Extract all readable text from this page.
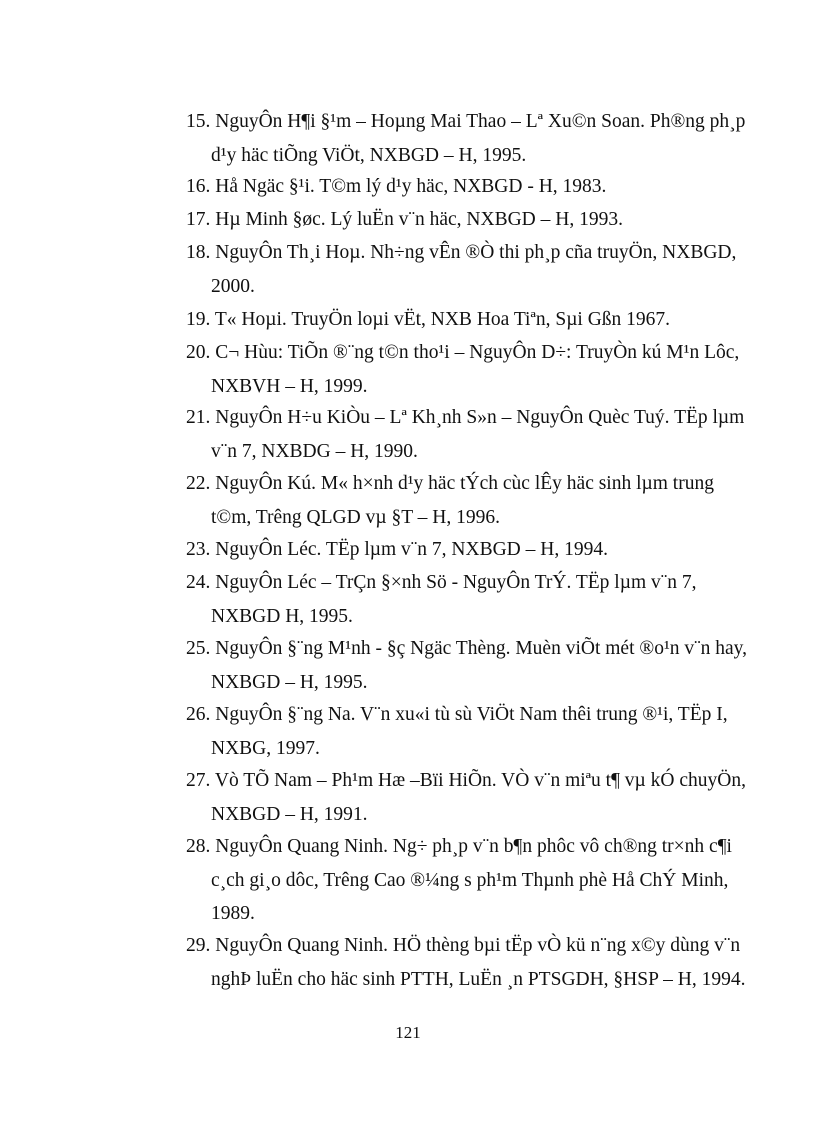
15. NguyÔn H¶i §¹m – Hoµng Mai Thao – Lª Xu©n Soan. Ph®ng ph¸p
d¹y häc tiÕng ViÖt, NXBGD – H, 1995.
16. Hå Ngäc §¹i. T©m lý d¹y häc, NXBGD - H, 1983.
17. Hµ Minh §øc. Lý luËn v¨n häc, NXBGD – H, 1993.
18. NguyÔn Th¸i Hoµ. Nh÷ng vÊn ®Ò thi ph¸p cña truyÖn, NXBGD,
2000.
19. T« Hoµi. TruyÖn loµi vËt, NXB Hoa Tiªn, Sµi Gßn 1967.
20. C¬ Hùu: TiÕn ®¨ng t©n tho¹i – NguyÔn D÷: TruyÒn kú M¹n Lôc,
NXBVH – H, 1999.
21. NguyÔn H÷u KiÒu – Lª Kh¸nh S»n – NguyÔn Quèc Tuý. TËp lµm
v¨n 7, NXBDG – H, 1990.
22. NguyÔn Kú. M« h×nh d¹y häc tÝch cùc lÊy häc sinh lµm trung
t©m, Trêng QLGD vµ §T – H, 1996.
23. NguyÔn Léc. TËp lµm v¨n 7, NXBGD – H, 1994.
24. NguyÔn Léc – TrÇn §×nh Sö - NguyÔn TrÝ. TËp lµm v¨n 7,
NXBGD H, 1995.
25. NguyÔn §¨ng M¹nh - §ç Ngäc Thèng. Muèn viÕt mét ®o¹n v¨n hay,
NXBGD – H, 1995.
26. NguyÔn §¨ng Na. V¨n xu«i tù sù ViÖt Nam thêi trung ®¹i, TËp I,
NXBG, 1997.
27. Vò TÕ Nam – Ph¹m Hæ –Bïi HiÕn. VÒ v¨n miªu t¶ vµ kÓ chuyÖn,
NXBGD – H, 1991.
28. NguyÔn Quang Ninh. Ng÷ ph¸p v¨n b¶n phôc vô ch®ng tr×nh c¶i
c¸ch gi¸o dôc, Trêng Cao ®¼ng s ph¹m Thµnh phè Hå ChÝ Minh,
1989.
29. NguyÔn Quang Ninh. HÖ thèng bµi tËp vÒ kü n¨ng x©y dùng v¨n
nghÞ luËn cho häc sinh PTTH, LuËn ¸n PTSGDH, §HSP – H, 1994.
121
